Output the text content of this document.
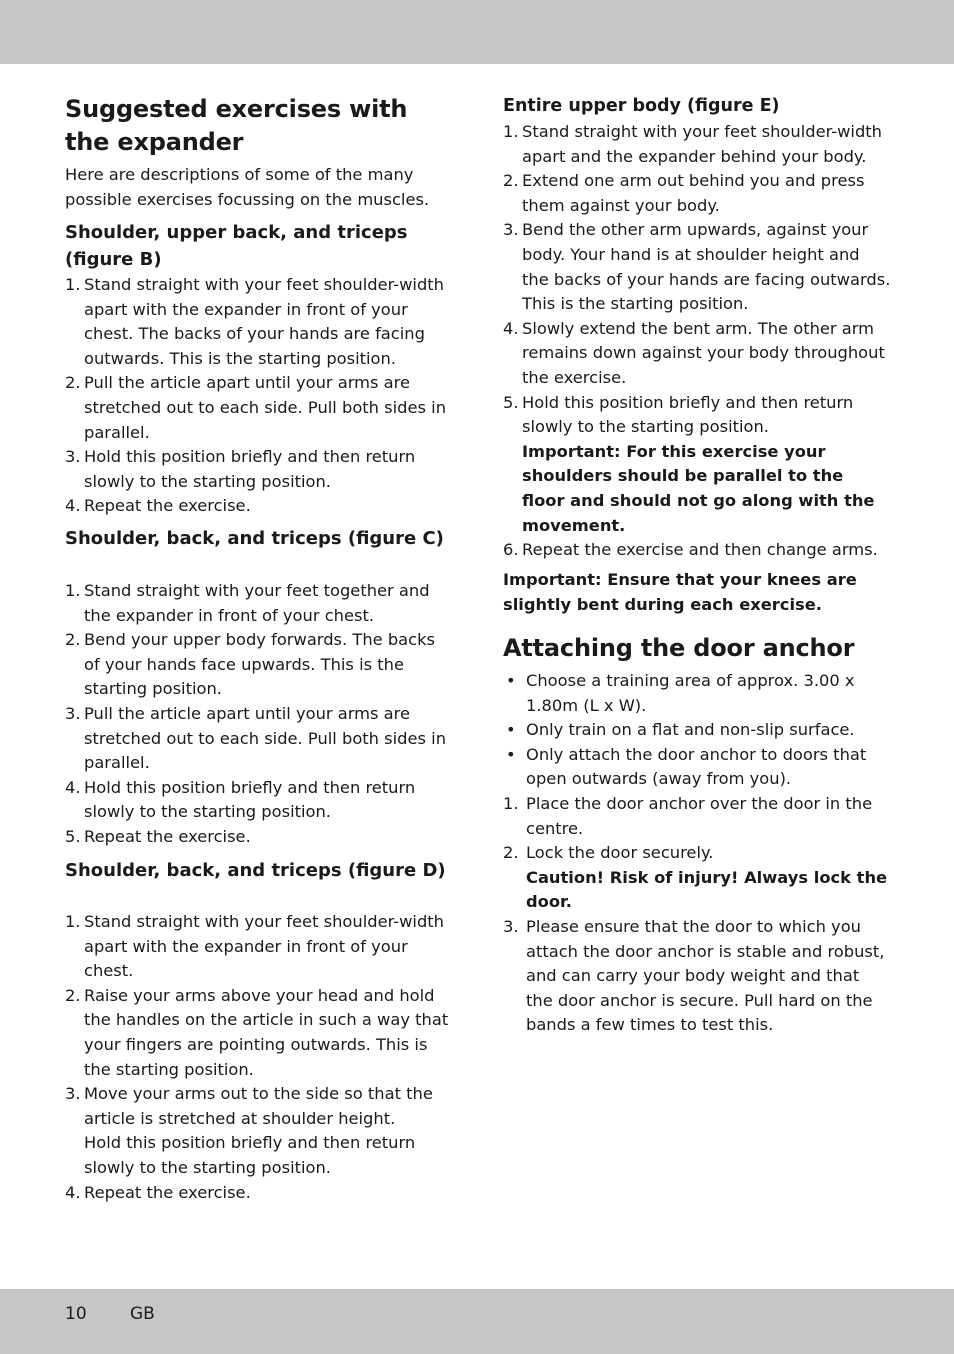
Suggested exercises with the expander

Here are descriptions of some of the many possible exercises focussing on the muscles.

Shoulder, upper back, and triceps (figure B)
1. Stand straight with your feet shoulder-width apart with the expander in front of your chest. The backs of your hands are facing outwards. This is the starting position.
2. Pull the article apart until your arms are stretched out to each side. Pull both sides in parallel.
3. Hold this position briefly and then return slowly to the starting position.
4. Repeat the exercise.
Shoulder, back, and triceps (figure C)
1. Stand straight with your feet together and the expander in front of your chest.
2. Bend your upper body forwards. The backs of your hands face upwards. This is the starting position.
3. Pull the article apart until your arms are stretched out to each side. Pull both sides in parallel.
4. Hold this position briefly and then return slowly to the starting position.
5. Repeat the exercise.
Shoulder, back, and triceps (figure D)
1. Stand straight with your feet shoulder-width apart with the expander in front of your chest.
2. Raise your arms above your head and hold the handles on the article in such a way that your fingers are pointing outwards. This is the starting position.
3. Move your arms out to the side so that the article is stretched at shoulder height.
Hold this position briefly and then return slowly to the starting position.
4. Repeat the exercise.
Entire upper body (figure E)
1. Stand straight with your feet shoulder-width apart and the expander behind your body.
2. Extend one arm out behind you and press them against your body.
3. Bend the other arm upwards, against your body. Your hand is at shoulder height and the backs of your hands are facing outwards. This is the starting position.
4. Slowly extend the bent arm. The other arm remains down against your body throughout the exercise.
5. Hold this position briefly and then return slowly to the starting position.
Important: For this exercise your shoulders should be parallel to the floor and should not go along with the movement.
6. Repeat the exercise and then change arms.

Important: Ensure that your knees are slightly bent during each exercise.

Attaching the door anchor
• Choose a training area of approx. 3.00 x 1.80m (L x W).
• Only train on a flat and non-slip surface.
• Only attach the door anchor to doors that open outwards (away from you).
1. Place the door anchor over the door in the centre.
2. Lock the door securely.
Caution! Risk of injury! Always lock the door.
3. Please ensure that the door to which you attach the door anchor is stable and robust, and can carry your body weight and that the door anchor is secure. Pull hard on the bands a few times to test this.
10	GB
